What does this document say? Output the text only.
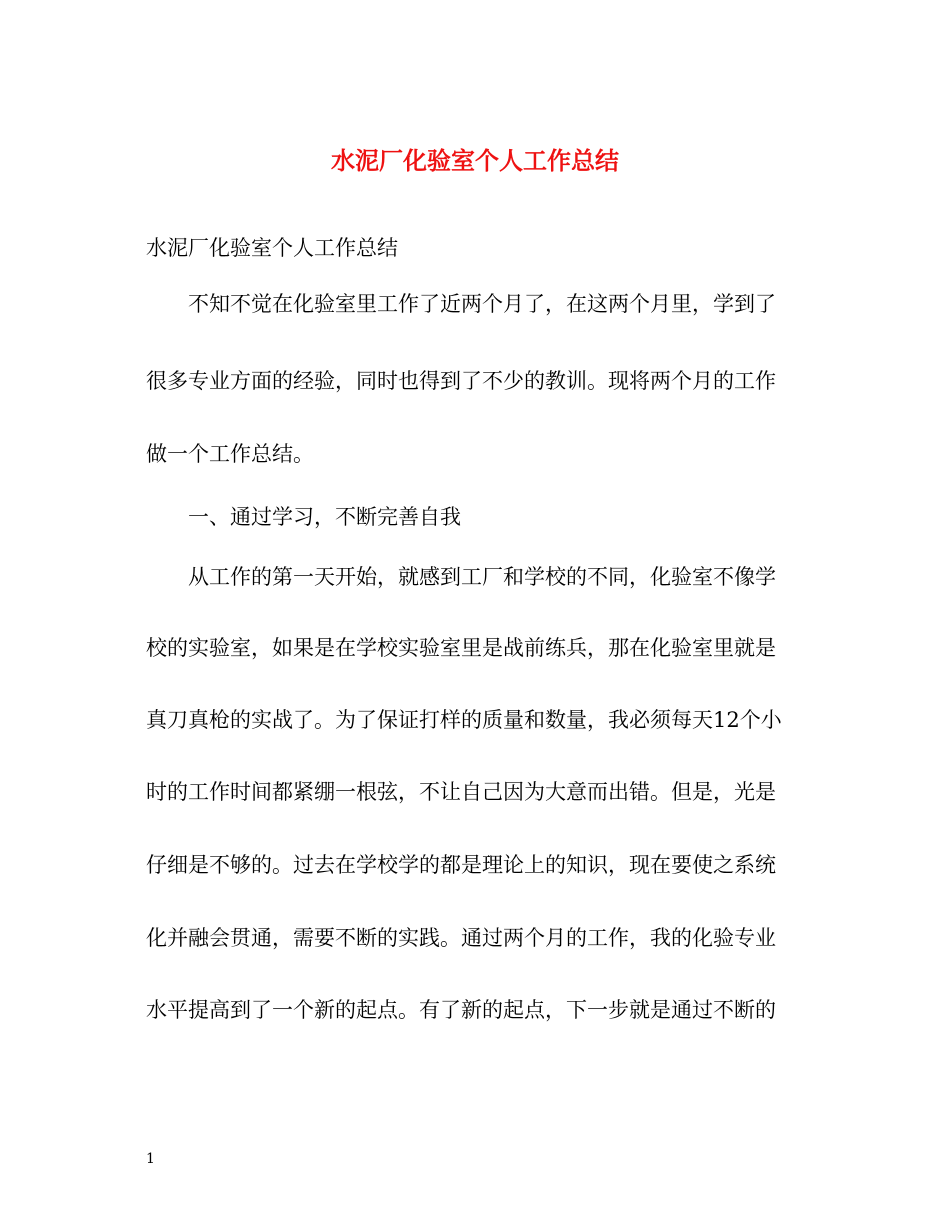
水泥厂化验室个人工作总结

水泥厂化验室个人工作总结

不知不觉在化验室里工作了近两个月了，在这两个月里，学到了

很多专业方面的经验，同时也得到了不少的教训。现将两个月的工作

做一个工作总结。

一、通过学习，不断完善自我

从工作的第一天开始，就感到工厂和学校的不同，化验室不像学

校的实验室，如果是在学校实验室里是战前练兵，那在化验室里就是

真刀真枪的实战了。为了保证打样的质量和数量，我必须每天12个小

时的工作时间都紧绷一根弦，不让自己因为大意而出错。但是，光是

仔细是不够的。过去在学校学的都是理论上的知识，现在要使之系统

化并融会贯通，需要不断的实践。通过两个月的工作，我的化验专业

水平提高到了一个新的起点。有了新的起点，下一步就是通过不断的

1
